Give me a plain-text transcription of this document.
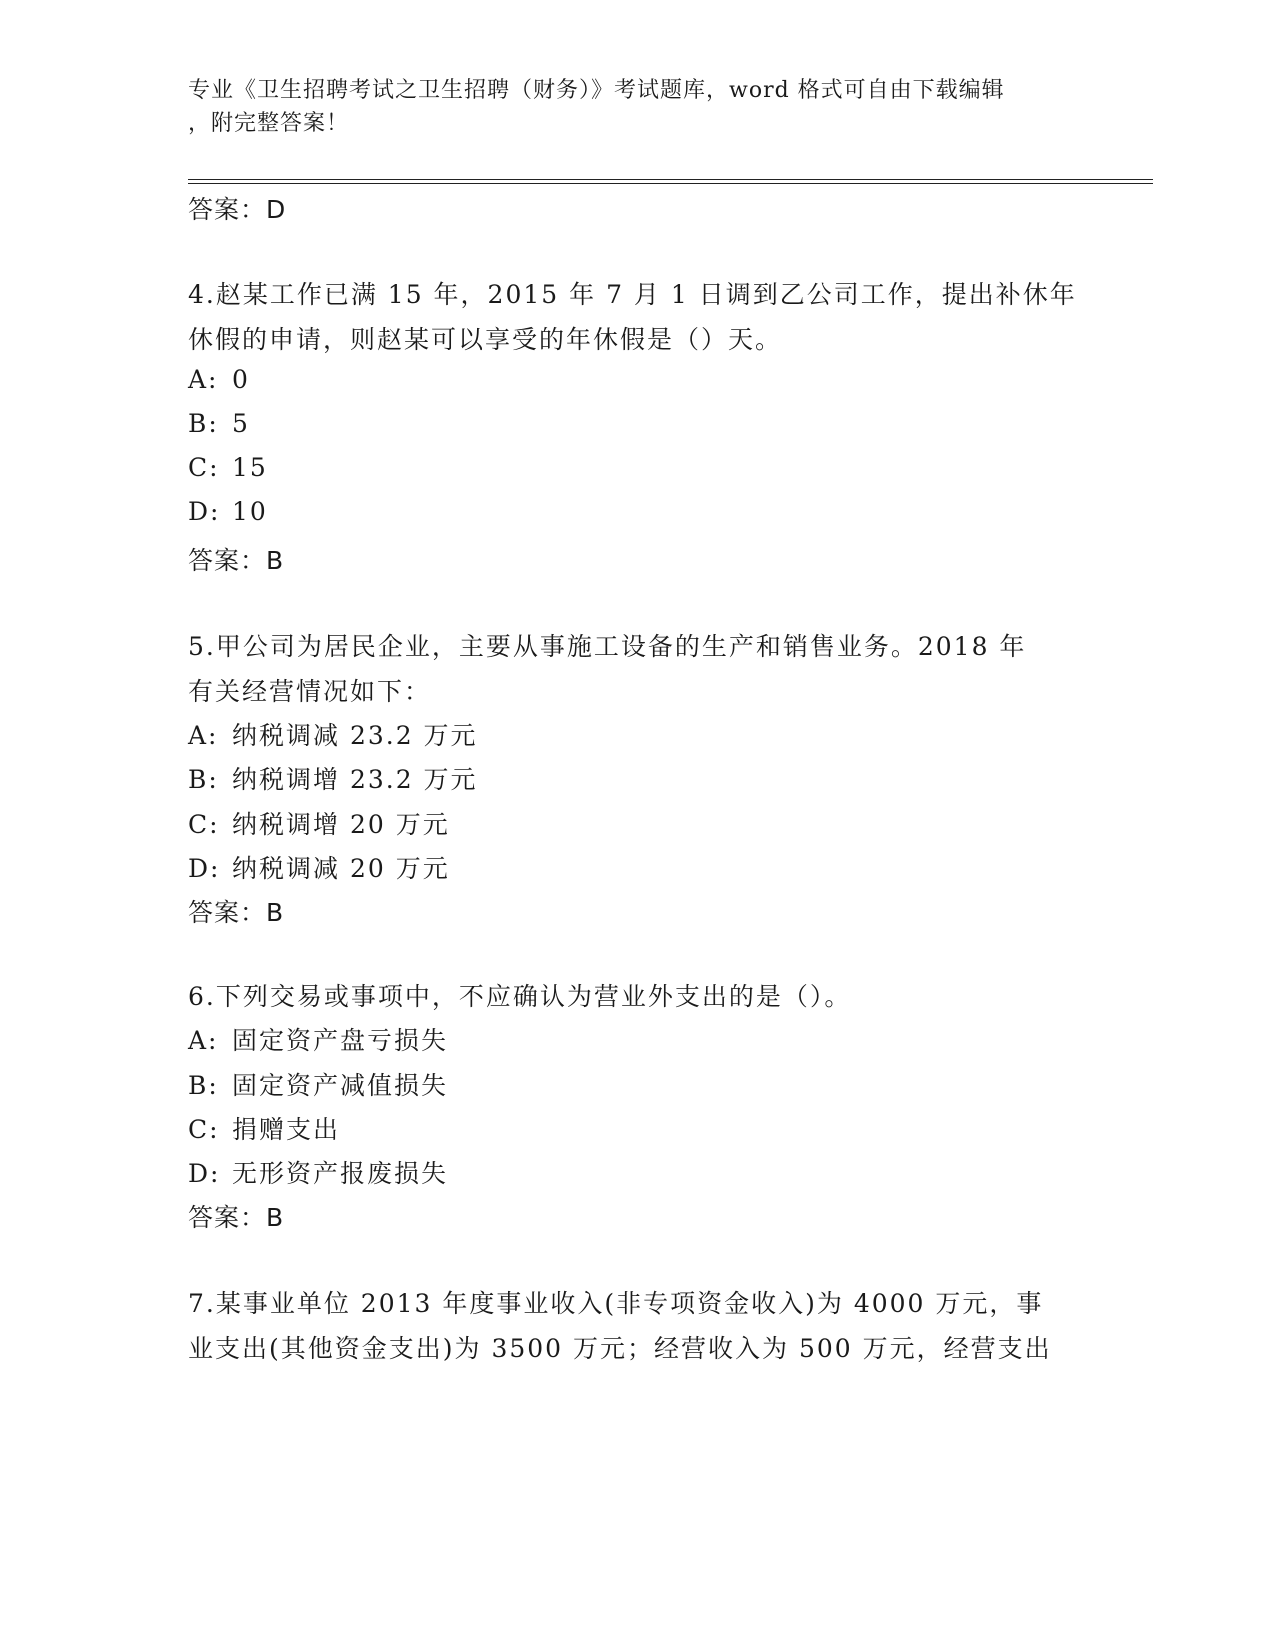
专业《卫生招聘考试之卫生招聘（财务）》考试题库，word 格式可自由下载编辑
，附完整答案！
答案：D
4.赵某工作已满 15 年，2015 年 7 月 1 日调到乙公司工作，提出补休年
休假的申请，则赵某可以享受的年休假是（）天。
A: 0
B: 5
C: 15
D: 10
答案：B
5.甲公司为居民企业，主要从事施工设备的生产和销售业务。2018 年
有关经营情况如下：
A: 纳税调减 23.2 万元
B: 纳税调增 23.2 万元
C: 纳税调增 20 万元
D: 纳税调减 20 万元
答案：B
6.下列交易或事项中，不应确认为营业外支出的是（）。
A: 固定资产盘亏损失
B: 固定资产减值损失
C: 捐赠支出
D: 无形资产报废损失
答案：B
7.某事业单位 2013 年度事业收入(非专项资金收入)为 4000 万元，事
业支出(其他资金支出)为 3500 万元；经营收入为 500 万元，经营支出
